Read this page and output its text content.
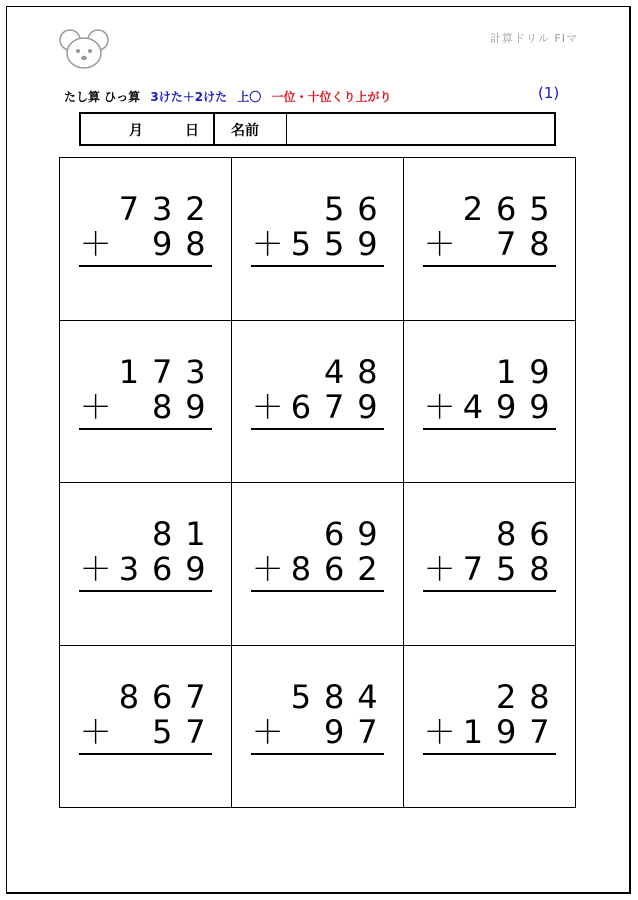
計算ドリル FIマ
たし算 ひっ算 3けた＋2けた 上〇 一位・十位くり上がり	(1)
月	日 名前
7 3 2
＋ 9 8
5 6
＋ 5 5 9
2 6 5
＋ 7 8
1 7 3
＋ 8 9
4 8
＋ 6 7 9
1 9
＋ 4 9 9
8 1
＋ 3 6 9
6 9
＋ 8 6 2
8 6
＋ 7 5 8
8 6 7
＋ 5 7
5 8 4
＋ 9 7
2 8
＋ 1 9 7
